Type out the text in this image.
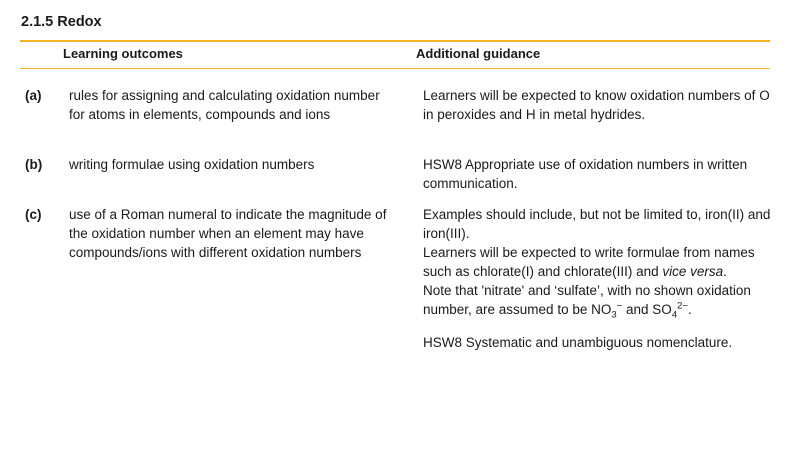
2.1.5 Redox
Learning outcomes	Additional guidance
(a) rules for assigning and calculating oxidation number for atoms in elements, compounds and ions

Learners will be expected to know oxidation numbers of O in peroxides and H in metal hydrides.

(b) writing formulae using oxidation numbers	HSW8 Appropriate use of oxidation numbers in written communication.

(c) use of a Roman numeral to indicate the magnitude of the oxidation number when an element may have compounds/ions with different oxidation numbers

Examples should include, but not be limited to, iron(II) and iron(III).

Learners will be expected to write formulae from names such as chlorate(I) and chlorate(III) and vice versa.

Note that 'nitrate' and ‘sulfate’, with no shown oxidation number, are assumed to be $NO_3^-$ and $SO_4^{2-}$.

HSW8 Systematic and unambiguous nomenclature.
